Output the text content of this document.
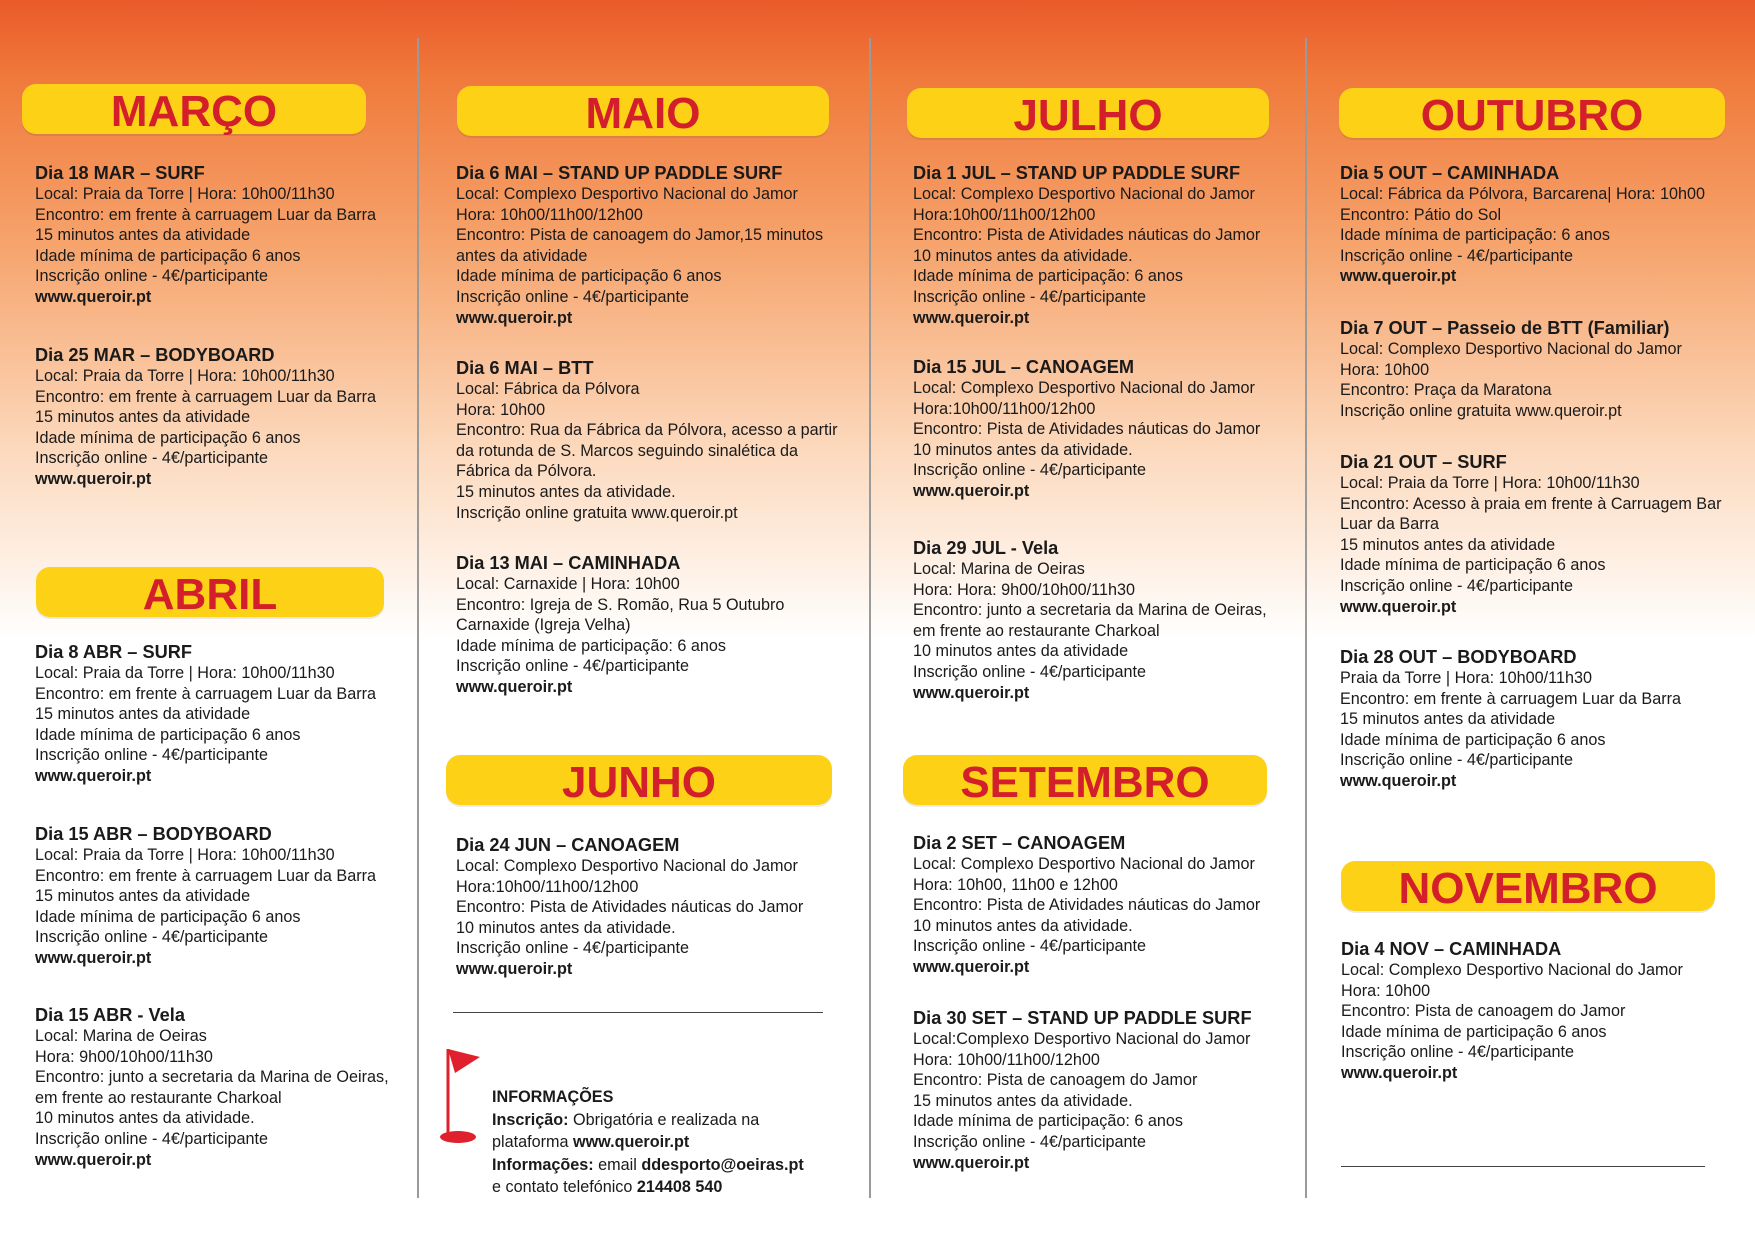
MARÇO
ABRIL
MAIO
JUNHO
JULHO
SETEMBRO
OUTUBRO
NOVEMBRO
Dia 18 MAR – SURF
Local: Praia da Torre | Hora: 10h00/11h30
Encontro: em frente à carruagem Luar da Barra
15 minutos antes da atividade
Idade mínima de participação 6 anos
Inscrição online - 4€/participante
www.queroir.pt
Dia 25 MAR – BODYBOARD
Local: Praia da Torre | Hora: 10h00/11h30
Encontro: em frente à carruagem Luar da Barra
15 minutos antes da atividade
Idade mínima de participação 6 anos
Inscrição online - 4€/participante
www.queroir.pt
Dia 8 ABR – SURF
Local: Praia da Torre | Hora: 10h00/11h30
Encontro: em frente à carruagem Luar da Barra
15 minutos antes da atividade
Idade mínima de participação 6 anos
Inscrição online - 4€/participante
www.queroir.pt
Dia 15 ABR – BODYBOARD
Local: Praia da Torre | Hora: 10h00/11h30
Encontro: em frente à carruagem Luar da Barra
15 minutos antes da atividade
Idade mínima de participação 6 anos
Inscrição online - 4€/participante
www.queroir.pt
Dia 15 ABR - Vela
Local: Marina de Oeiras
Hora: 9h00/10h00/11h30
Encontro: junto a secretaria da Marina de Oeiras,
em frente ao restaurante Charkoal
10 minutos antes da atividade.
Inscrição online - 4€/participante
www.queroir.pt
Dia 6 MAI – STAND UP PADDLE SURF
Local: Complexo Desportivo Nacional do Jamor
Hora: 10h00/11h00/12h00
Encontro: Pista de canoagem do Jamor,15 minutos
antes da atividade
Idade mínima de participação 6 anos
Inscrição online - 4€/participante
www.queroir.pt
Dia 6 MAI – BTT
Local: Fábrica da Pólvora
Hora: 10h00
Encontro: Rua da Fábrica da Pólvora, acesso a partir
da rotunda de S. Marcos seguindo sinalética da
Fábrica da Pólvora.
15 minutos antes da atividade.
Inscrição online gratuita www.queroir.pt
Dia 13 MAI – CAMINHADA
Local: Carnaxide | Hora: 10h00
Encontro: Igreja de S. Romão, Rua 5 Outubro
Carnaxide (Igreja Velha)
Idade mínima de participação: 6 anos
Inscrição online - 4€/participante
www.queroir.pt
Dia 24 JUN – CANOAGEM
Local: Complexo Desportivo Nacional do Jamor
Hora:10h00/11h00/12h00
Encontro: Pista de Atividades náuticas do Jamor
10 minutos antes da atividade.
Inscrição online - 4€/participante
www.queroir.pt
INFORMAÇÕES
Inscrição: Obrigatória e realizada na
plataforma www.queroir.pt
Informações: email ddesporto@oeiras.pt
e contato telefónico 214408 540
Dia 1 JUL – STAND UP PADDLE SURF
Local: Complexo Desportivo Nacional do Jamor
Hora:10h00/11h00/12h00
Encontro: Pista de Atividades náuticas do Jamor
10 minutos antes da atividade.
Idade mínima de participação: 6 anos
Inscrição online - 4€/participante
www.queroir.pt
Dia 15 JUL – CANOAGEM
Local: Complexo Desportivo Nacional do Jamor
Hora:10h00/11h00/12h00
Encontro: Pista de Atividades náuticas do Jamor
10 minutos antes da atividade.
Inscrição online - 4€/participante
www.queroir.pt
Dia 29 JUL - Vela
Local: Marina de Oeiras
Hora: Hora: 9h00/10h00/11h30
Encontro: junto a secretaria da Marina de Oeiras,
em frente ao restaurante Charkoal
10 minutos antes da atividade
Inscrição online - 4€/participante
www.queroir.pt
Dia 2 SET – CANOAGEM
Local: Complexo Desportivo Nacional do Jamor
Hora: 10h00, 11h00 e 12h00
Encontro: Pista de Atividades náuticas do Jamor
10 minutos antes da atividade.
Inscrição online - 4€/participante
www.queroir.pt
Dia 30 SET – STAND UP PADDLE SURF
Local:Complexo Desportivo Nacional do Jamor
Hora: 10h00/11h00/12h00
Encontro: Pista de canoagem do Jamor
15 minutos antes da atividade.
Idade mínima de participação: 6 anos
Inscrição online - 4€/participante
www.queroir.pt
Dia 5 OUT – CAMINHADA
Local: Fábrica da Pólvora, Barcarena| Hora: 10h00
Encontro: Pátio do Sol
Idade mínima de participação: 6 anos
Inscrição online - 4€/participante
www.queroir.pt
Dia 7 OUT – Passeio de BTT (Familiar)
Local: Complexo Desportivo Nacional do Jamor
Hora: 10h00
Encontro: Praça da Maratona
Inscrição online gratuita www.queroir.pt
Dia 21 OUT – SURF
Local: Praia da Torre | Hora: 10h00/11h30
Encontro: Acesso à praia em frente à Carruagem Bar
Luar da Barra
15 minutos antes da atividade
Idade mínima de participação 6 anos
Inscrição online - 4€/participante
www.queroir.pt
Dia 28 OUT – BODYBOARD
Praia da Torre | Hora: 10h00/11h30
Encontro: em frente à carruagem Luar da Barra
15 minutos antes da atividade
Idade mínima de participação 6 anos
Inscrição online - 4€/participante
www.queroir.pt
Dia 4 NOV – CAMINHADA
Local: Complexo Desportivo Nacional do Jamor
Hora: 10h00
Encontro: Pista de canoagem do Jamor
Idade mínima de participação 6 anos
Inscrição online - 4€/participante
www.queroir.pt
